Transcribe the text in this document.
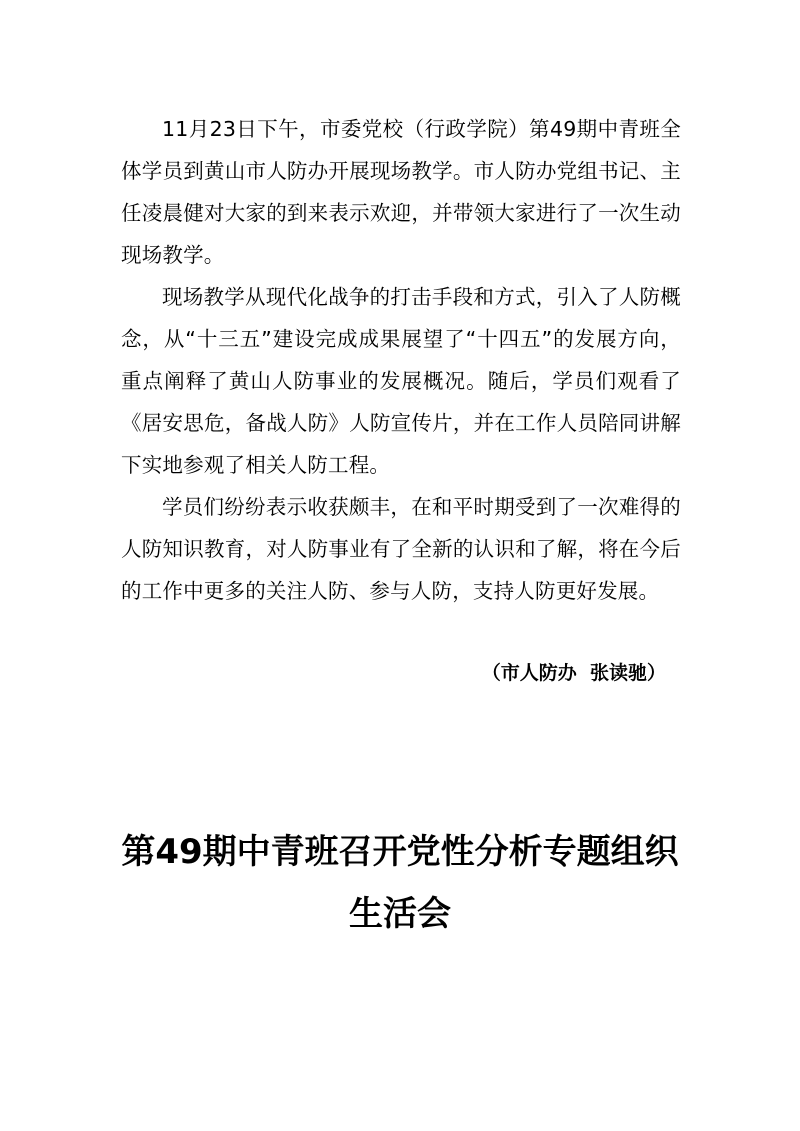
11月23日下午，市委党校（行政学院）第49期中青班全体学员到黄山市人防办开展现场教学。市人防办党组书记、主任凌晨健对大家的到来表示欢迎，并带领大家进行了一次生动现场教学。

现场教学从现代化战争的打击手段和方式，引入了人防概念，从“十三五”建设完成成果展望了“十四五”的发展方向，重点阐释了黄山人防事业的发展概况。随后，学员们观看了《居安思危，备战人防》人防宣传片，并在工作人员陪同讲解下实地参观了相关人防工程。

学员们纷纷表示收获颇丰，在和平时期受到了一次难得的人防知识教育，对人防事业有了全新的认识和了解，将在今后的工作中更多的关注人防、参与人防，支持人防更好发展。

（市人防办  张读驰）
第49期中青班召开党性分析专题组织生活会
